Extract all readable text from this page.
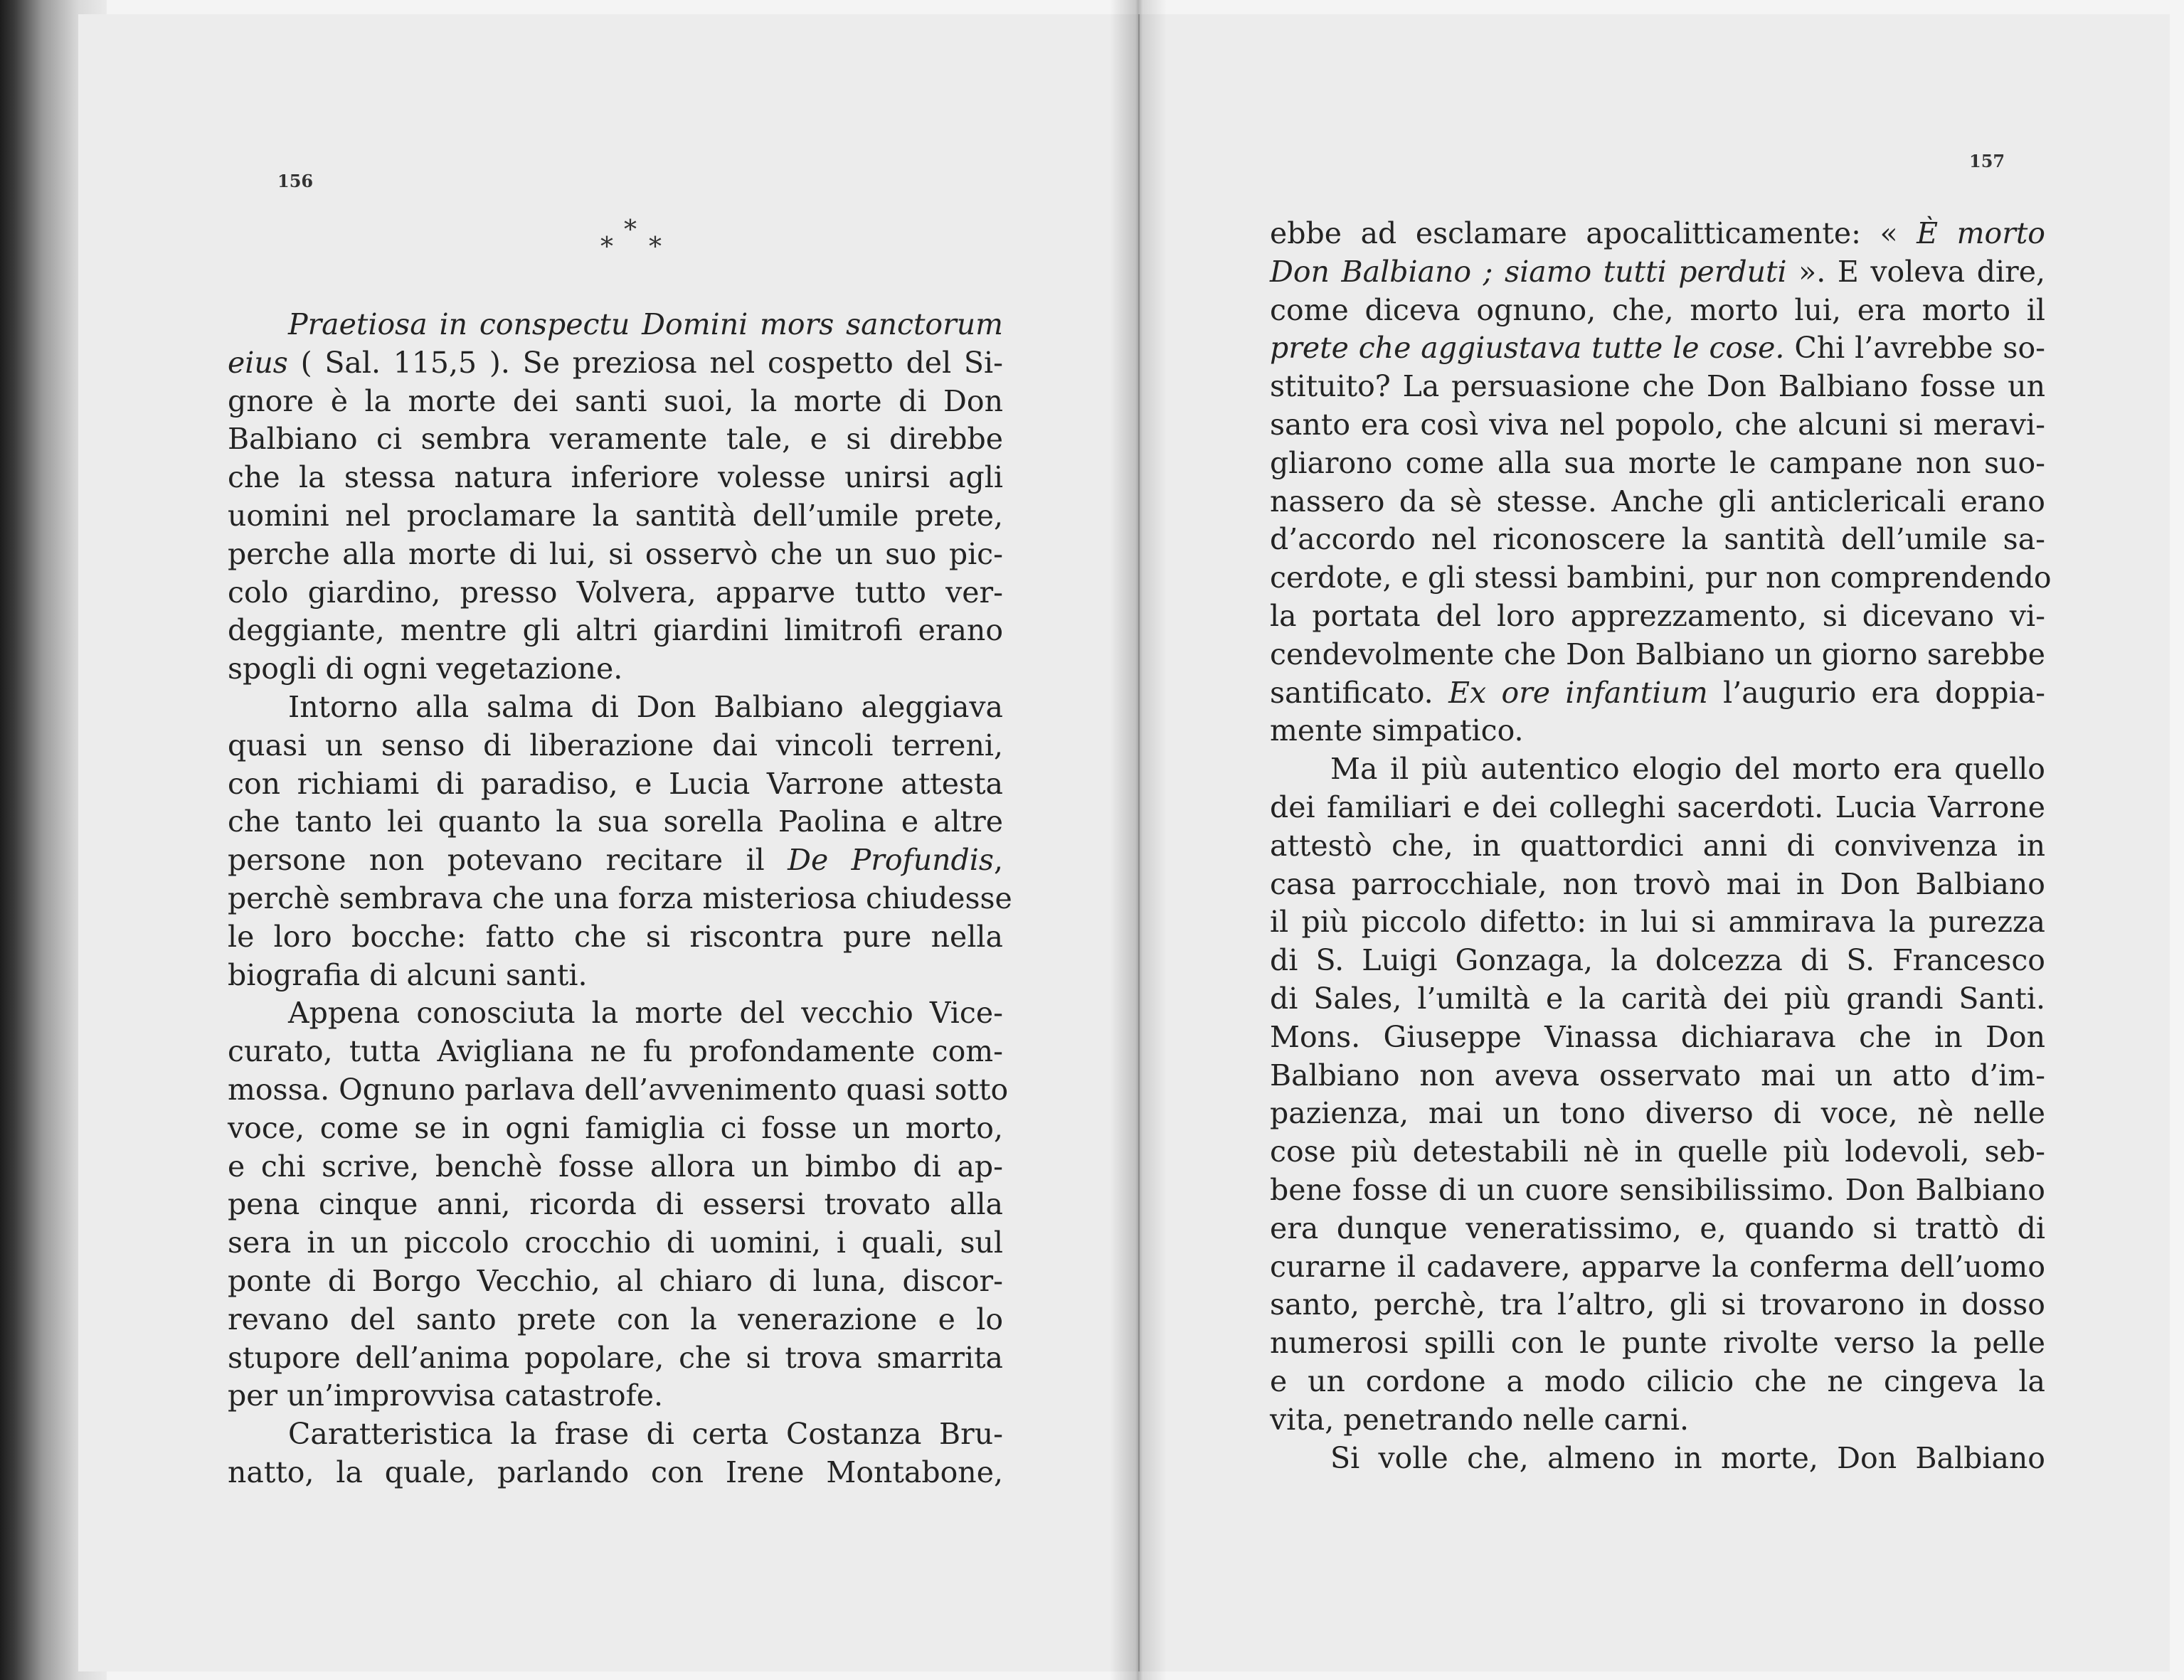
156
157
*
* *
Praetiosa in conspectu Domini mors sanctorum
eius ( Sal. 115,5 ). Se preziosa nel cospetto del Si-
gnore è la morte dei santi suoi, la morte di Don
Balbiano ci sembra veramente tale, e si direbbe
che la stessa natura inferiore volesse unirsi agli
uomini nel proclamare la santità dell’umile prete,
perche alla morte di lui, si osservò che un suo pic-
colo giardino, presso Volvera, apparve tutto ver-
deggiante, mentre gli altri giardini limitrofi erano
spogli di ogni vegetazione.
Intorno alla salma di Don Balbiano aleggiava
quasi un senso di liberazione dai vincoli terreni,
con richiami di paradiso, e Lucia Varrone attesta
che tanto lei quanto la sua sorella Paolina e altre
persone non potevano recitare il De Profundis,
perchè sembrava che una forza misteriosa chiudesse
le loro bocche: fatto che si riscontra pure nella
biografia di alcuni santi.
Appena conosciuta la morte del vecchio Vice-
curato, tutta Avigliana ne fu profondamente com-
mossa. Ognuno parlava dell’avvenimento quasi sotto
voce, come se in ogni famiglia ci fosse un morto,
e chi scrive, benchè fosse allora un bimbo di ap-
pena cinque anni, ricorda di essersi trovato alla
sera in un piccolo crocchio di uomini, i quali, sul
ponte di Borgo Vecchio, al chiaro di luna, discor-
revano del santo prete con la venerazione e lo
stupore dell’anima popolare, che si trova smarrita
per un’improvvisa catastrofe.
Caratteristica la frase di certa Costanza Bru-
natto, la quale, parlando con Irene Montabone,
ebbe ad esclamare apocalitticamente: « È morto
Don Balbiano ; siamo tutti perduti ». E voleva dire,
come diceva ognuno, che, morto lui, era morto il
prete che aggiustava tutte le cose. Chi l’avrebbe so-
stituito? La persuasione che Don Balbiano fosse un
santo era così viva nel popolo, che alcuni si meravi-
gliarono come alla sua morte le campane non suo-
nassero da sè stesse. Anche gli anticlericali erano
d’accordo nel riconoscere la santità dell’umile sa-
cerdote, e gli stessi bambini, pur non comprendendo
la portata del loro apprezzamento, si dicevano vi-
cendevolmente che Don Balbiano un giorno sarebbe
santificato. Ex ore infantium l’augurio era doppia-
mente simpatico.
Ma il più autentico elogio del morto era quello
dei familiari e dei colleghi sacerdoti. Lucia Varrone
attestò che, in quattordici anni di convivenza in
casa parrocchiale, non trovò mai in Don Balbiano
il più piccolo difetto: in lui si ammirava la purezza
di S. Luigi Gonzaga, la dolcezza di S. Francesco
di Sales, l’umiltà e la carità dei più grandi Santi.
Mons. Giuseppe Vinassa dichiarava che in Don
Balbiano non aveva osservato mai un atto d’im-
pazienza, mai un tono diverso di voce, nè nelle
cose più detestabili nè in quelle più lodevoli, seb-
bene fosse di un cuore sensibilissimo. Don Balbiano
era dunque veneratissimo, e, quando si trattò di
curarne il cadavere, apparve la conferma dell’uomo
santo, perchè, tra l’altro, gli si trovarono in dosso
numerosi spilli con le punte rivolte verso la pelle
e un cordone a modo cilicio che ne cingeva la
vita, penetrando nelle carni.
Si volle che, almeno in morte, Don Balbiano
